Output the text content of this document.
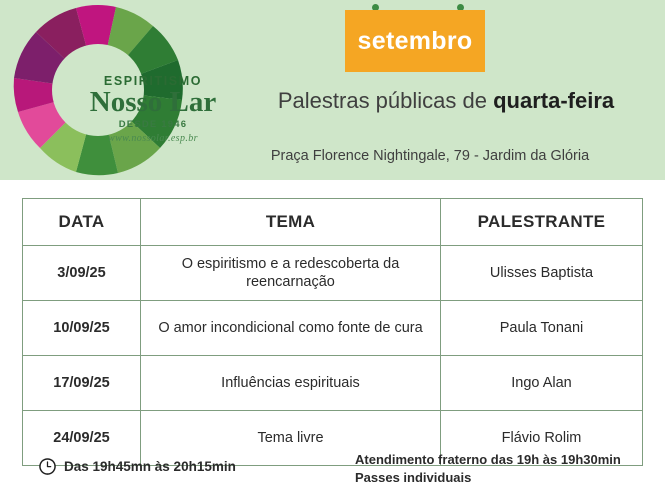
ESPIRITISMO
Nosso Lar
DESDE 1946
www.nossolar.esp.br
setembro
Palestras públicas de quarta-feira
Praça Florence Nightingale, 79 - Jardim da Glória
DATA	TEMA	PALESTRANTE
3/09/25	O espiritismo e a redescoberta da reencarnação	Ulisses Baptista
10/09/25	O amor incondicional como fonte de cura	Paula Tonani
17/09/25	Influências espirituais	Ingo Alan
24/09/25	Tema livre	Flávio Rolim
Das 19h45mn às 20h15min	Atendimento fraterno das 19h às 19h30min
Passes individuais
